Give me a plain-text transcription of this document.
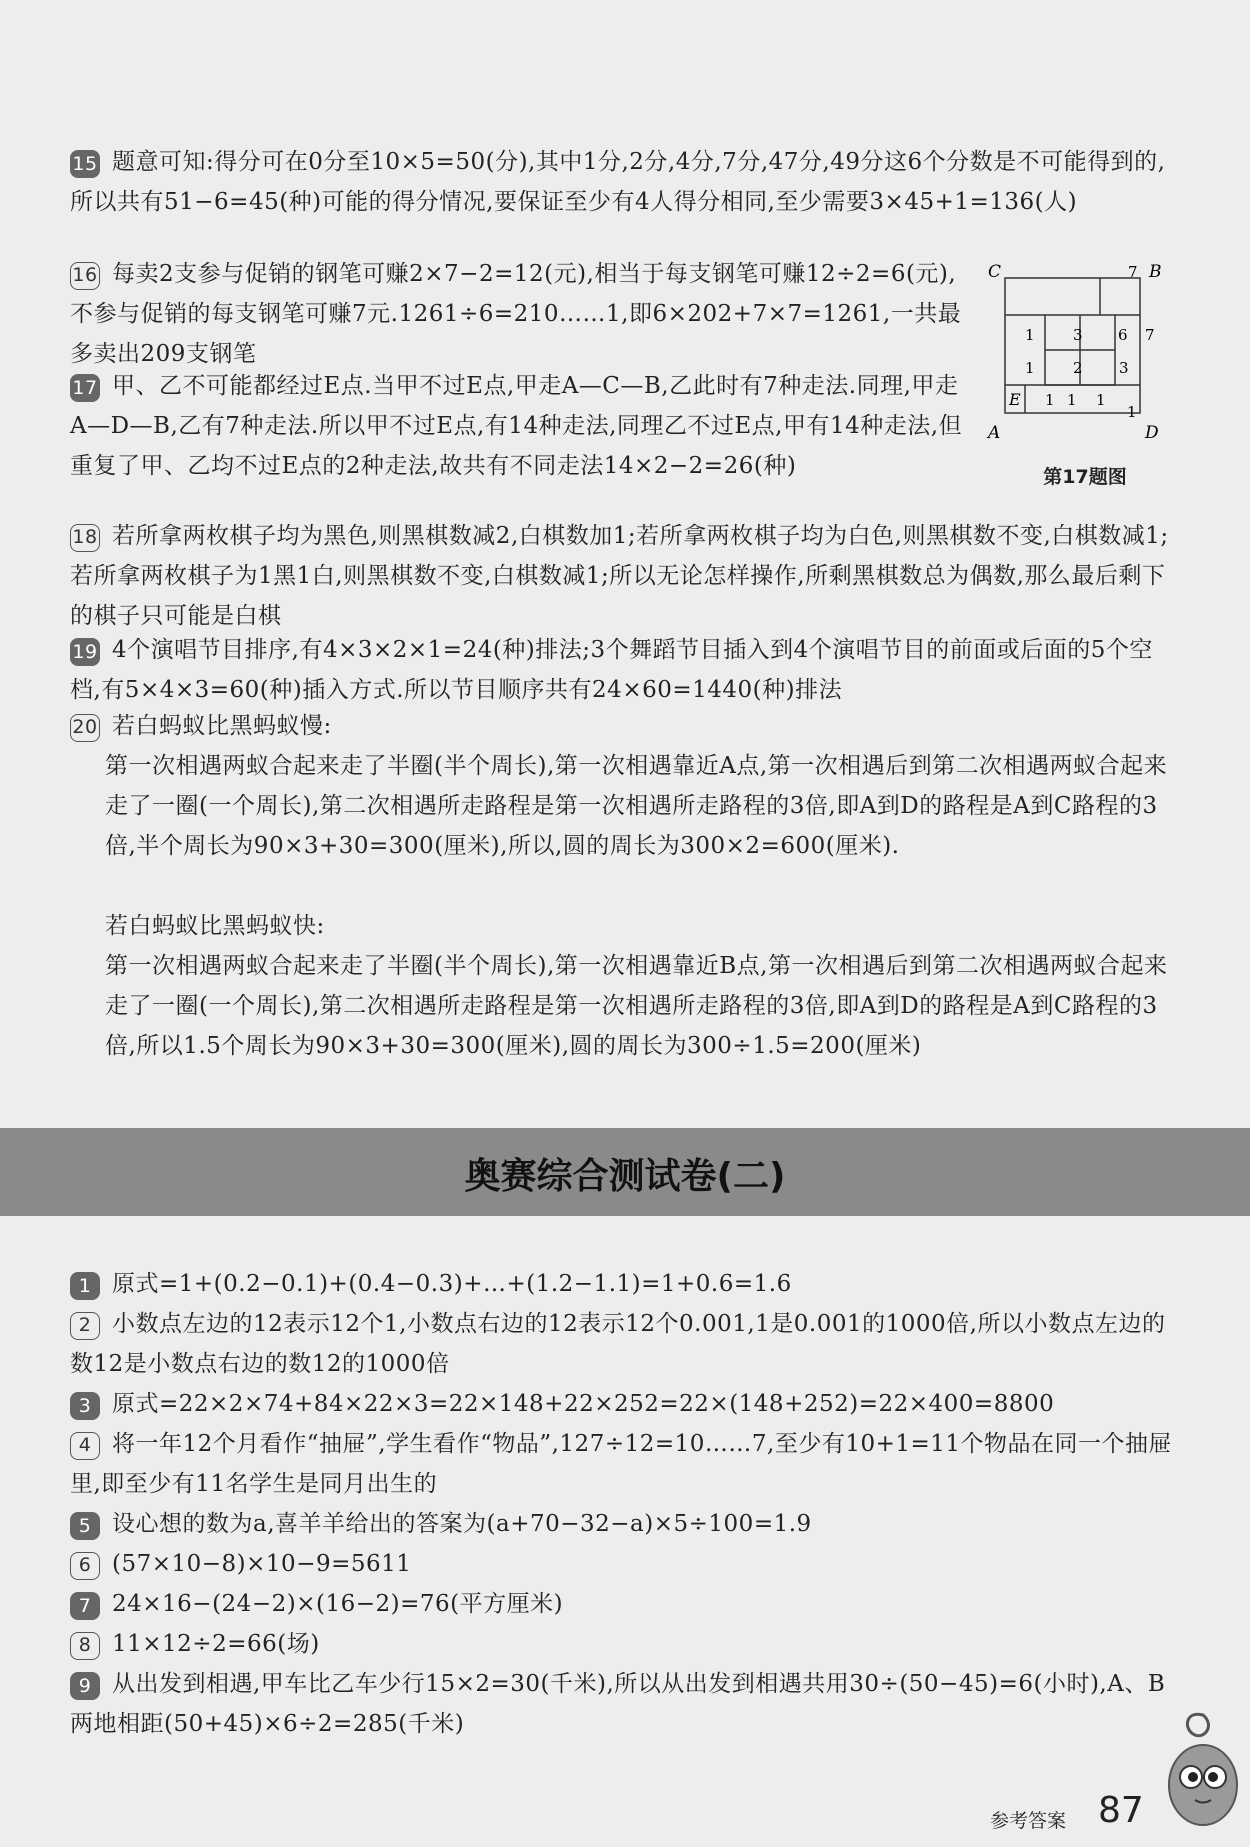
15 题意可知:得分可在0分至10×5=50(分),其中1分,2分,4分,7分,47分,49分这6个分数是不可能得到的,所以共有51−6=45(种)可能的得分情况,要保证至少有4人得分相同,至少需要3×45+1=136(人)
16 每卖2支参与促销的钢笔可赚2×7−2=12(元),相当于每支钢笔可赚12÷2=6(元),不参与促销的每支钢笔可赚7元.1261÷6=210……1,即6×202+7×7=1261,一共最多卖出209支钢笔
17 甲、乙不可能都经过E点.当甲不过E点,甲走A—C—B,乙此时有7种走法.同理,甲走A—D—B,乙有7种走法.所以甲不过E点,有14种走法,同理乙不过E点,甲有14种走法,但重复了甲、乙均不过E点的2种走法,故共有不同走法14×2−2=26(种)
18 若所拿两枚棋子均为黑色,则黑棋数减2,白棋数加1;若所拿两枚棋子均为白色,则黑棋数不变,白棋数减1;若所拿两枚棋子为1黑1白,则黑棋数不变,白棋数减1;所以无论怎样操作,所剩黑棋数总为偶数,那么最后剩下的棋子只可能是白棋
19 4个演唱节目排序,有4×3×2×1=24(种)排法;3个舞蹈节目插入到4个演唱节目的前面或后面的5个空档,有5×4×3=60(种)插入方式.所以节目顺序共有24×60=1440(种)排法
20 若白蚂蚁比黑蚂蚁慢:
第一次相遇两蚁合起来走了半圈(半个周长),第一次相遇靠近A点,第一次相遇后到第二次相遇两蚁合起来走了一圈(一个周长),第二次相遇所走路程是第一次相遇所走路程的3倍,即A到D的路程是A到C路程的3倍,半个周长为90×3+30=300(厘米),所以,圆的周长为300×2=600(厘米).
若白蚂蚁比黑蚂蚁快:
第一次相遇两蚁合起来走了半圈(半个周长),第一次相遇靠近B点,第一次相遇后到第二次相遇两蚁合起来走了一圈(一个周长),第二次相遇所走路程是第一次相遇所走路程的3倍,即A到D的路程是A到C路程的3倍,所以1.5个周长为90×3+30=300(厘米),圆的周长为300÷1.5=200(厘米)
C	B
A	D
E
7
1	3 6 7
1	2 3
1 1 1
1
第17题图
奥赛综合测试卷(二)
1 原式=1+(0.2−0.1)+(0.4−0.3)+…+(1.2−1.1)=1+0.6=1.6
2 小数点左边的12表示12个1,小数点右边的12表示12个0.001,1是0.001的1000倍,所以小数点左边的数12是小数点右边的数12的1000倍
3 原式=22×2×74+84×22×3=22×148+22×252=22×(148+252)=22×400=8800
4 将一年12个月看作“抽屉”,学生看作“物品”,127÷12=10……7,至少有10+1=11个物品在同一个抽屉里,即至少有11名学生是同月出生的
5 设心想的数为a,喜羊羊给出的答案为(a+70−32−a)×5÷100=1.9
6 (57×10−8)×10−9=5611
7 24×16−(24−2)×(16−2)=76(平方厘米)
8 11×12÷2=66(场)
9 从出发到相遇,甲车比乙车少行15×2=30(千米),所以从出发到相遇共用30÷(50−45)=6(小时),A、B两地相距(50+45)×6÷2=285(千米)
参考答案 87
